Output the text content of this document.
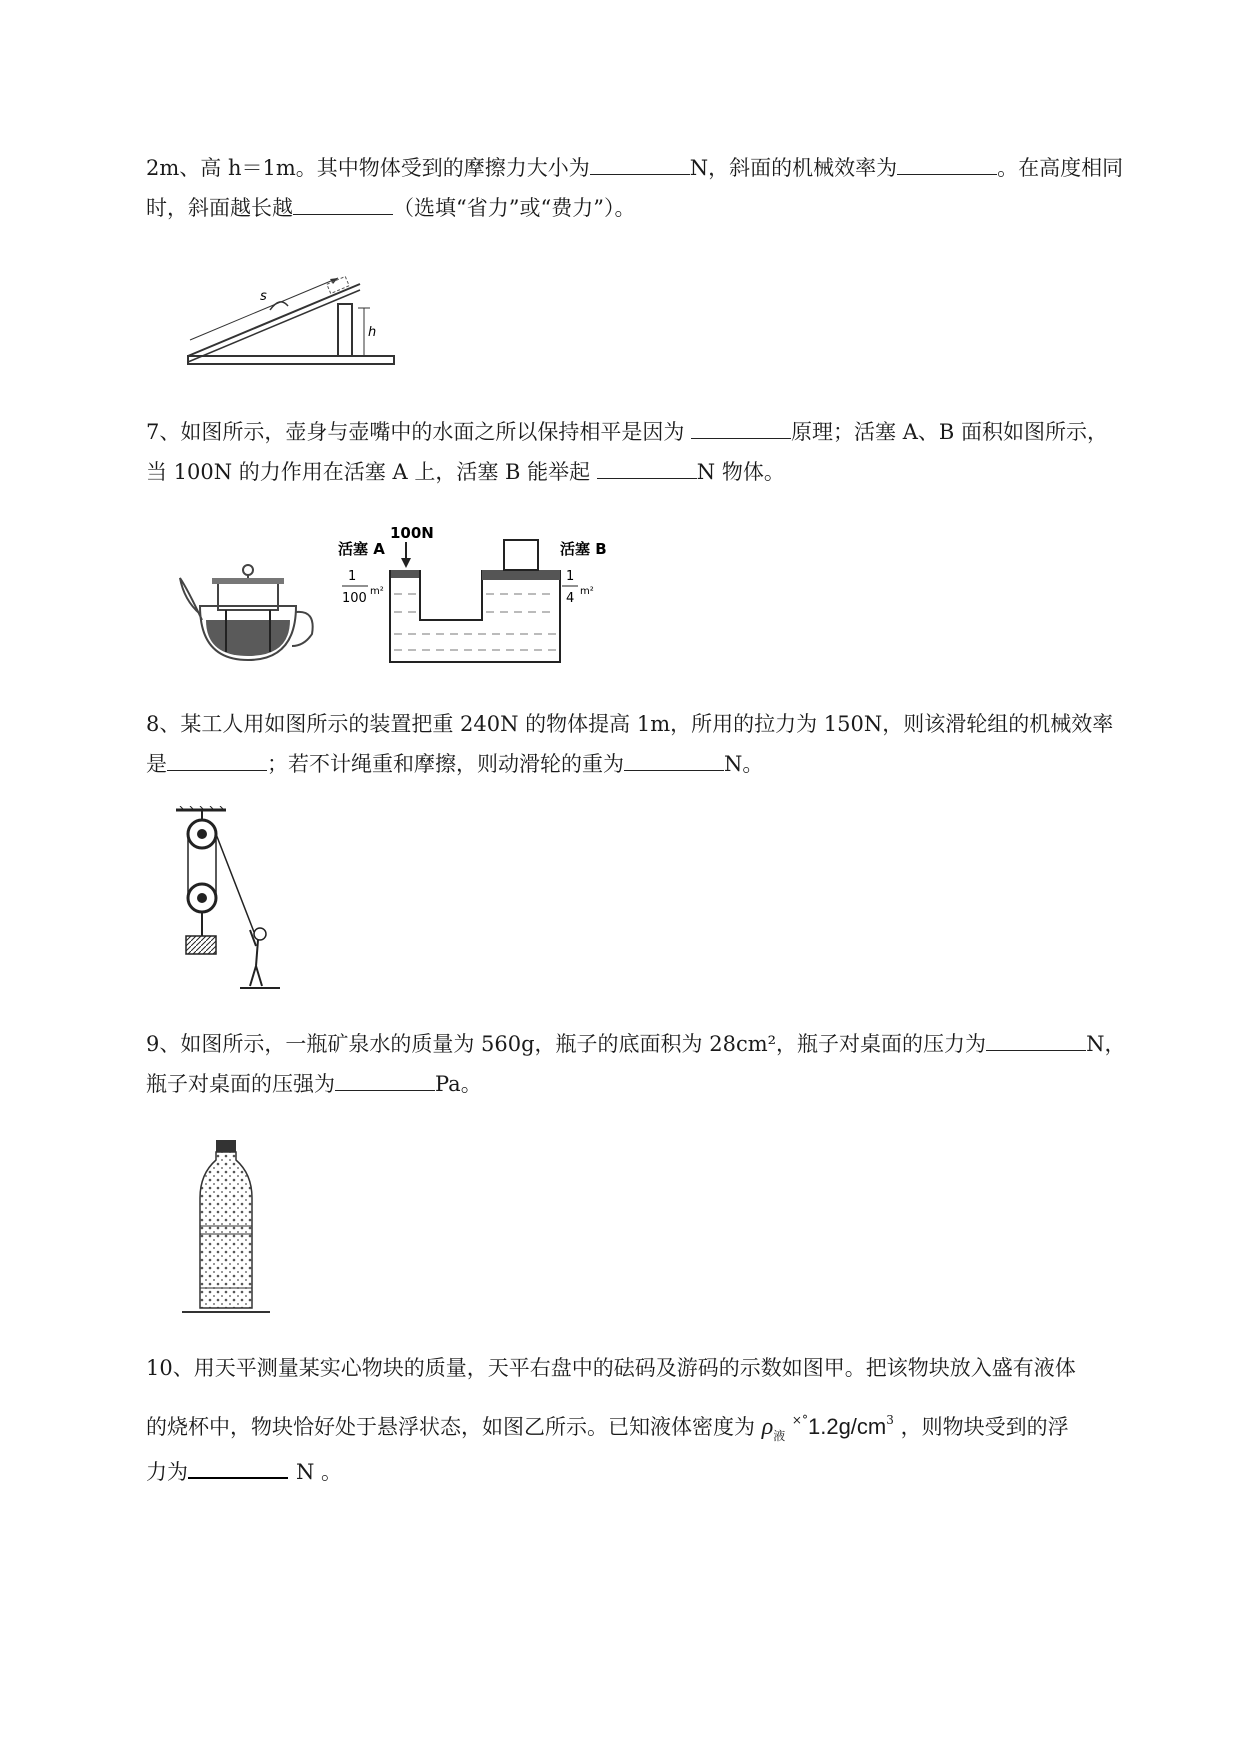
2m、高 h＝1m。其中物体受到的摩擦力大小为	N，斜面的机械效率为	。在高度相同
时，斜面越长越	（选填“省力”或“费力”）。
h
s
7、如图所示，壶身与壶嘴中的水面之所以保持相平是因为	原理；活塞 A、B 面积如图所示，
当 100N 的力作用在活塞 A 上，活塞 B 能举起	N 物体。
活塞 A
100N
1
100 m²
活塞 B
1
4 m²
8、某工人用如图所示的装置把重 240N 的物体提高 1m，所用的拉力为 150N，则该滑轮组的机械效率
是	；若不计绳重和摩擦，则动滑轮的重为	N。
9、如图所示，一瓶矿泉水的质量为 560g，瓶子的底面积为 28cm²，瓶子对桌面的压力为	N，
瓶子对桌面的压强为	Pa。
10、用天平测量某实心物块的质量，天平右盘中的砝码及游码的示数如图甲。把该物块放入盛有液体
的烧杯中，物块恰好处于悬浮状态，如图乙所示。已知液体密度为 $\rho_液$ $^{\times^\circ}1.2g/cm^3$ ，则物块受到的浮
力为	N 。
